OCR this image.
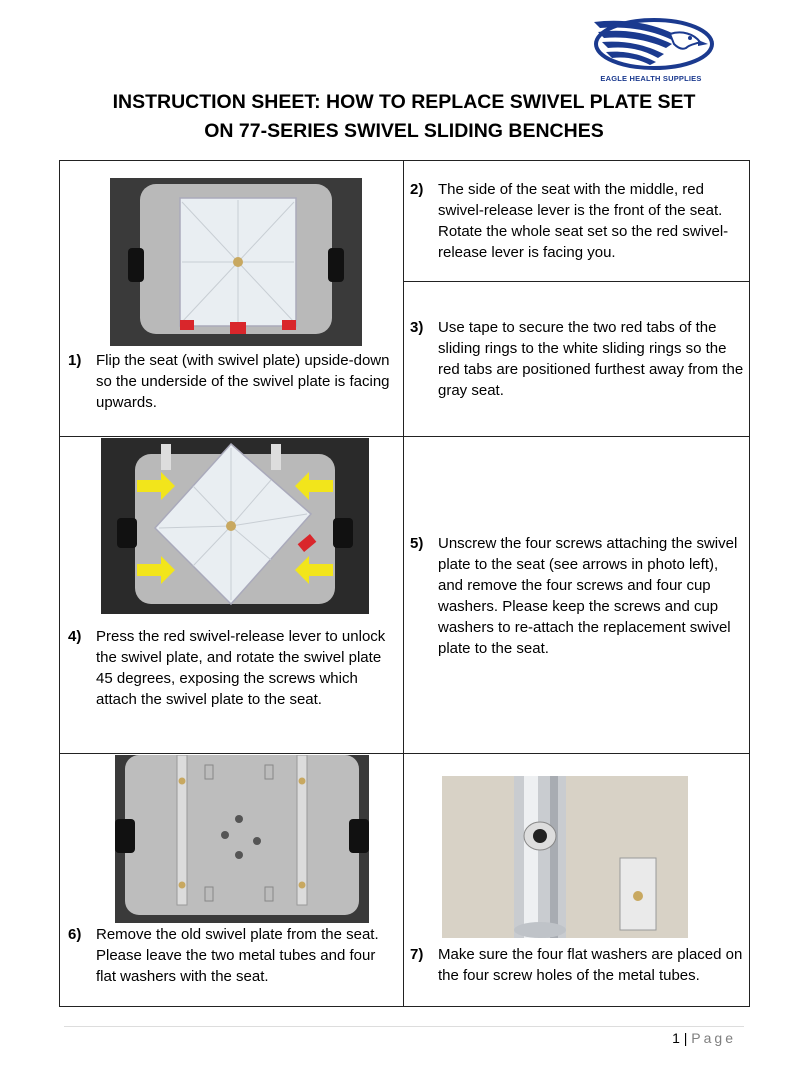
EAGLE HEALTH SUPPLIES
INSTRUCTION SHEET: HOW TO REPLACE SWIVEL PLATE SET
ON 77-SERIES SWIVEL SLIDING BENCHES
1) Flip the seat (with swivel plate) upside-down so the underside of the swivel plate is facing upwards.	2) The side of the seat with the middle, red swivel-release lever is the front of the seat. Rotate the whole seat set so the red swivel-release lever is facing you.

	3) Use tape to secure the two red tabs of the sliding rings to the white sliding rings so the red tabs are positioned furthest away from the gray seat.

4) Press the red swivel-release lever to unlock the swivel plate, and rotate the swivel plate 45 degrees, exposing the screws which attach the swivel plate to the seat.	5) Unscrew the four screws attaching the swivel plate to the seat (see arrows in photo left), and remove the four screws and four cup washers. Please keep the screws and cup washers to re-attach the replacement swivel plate to the seat.

6) Remove the old swivel plate from the seat. Please leave the two metal tubes and four flat washers with the seat.	7) Make sure the four flat washers are placed on the four screw holes of the metal tubes.
1 | Page
